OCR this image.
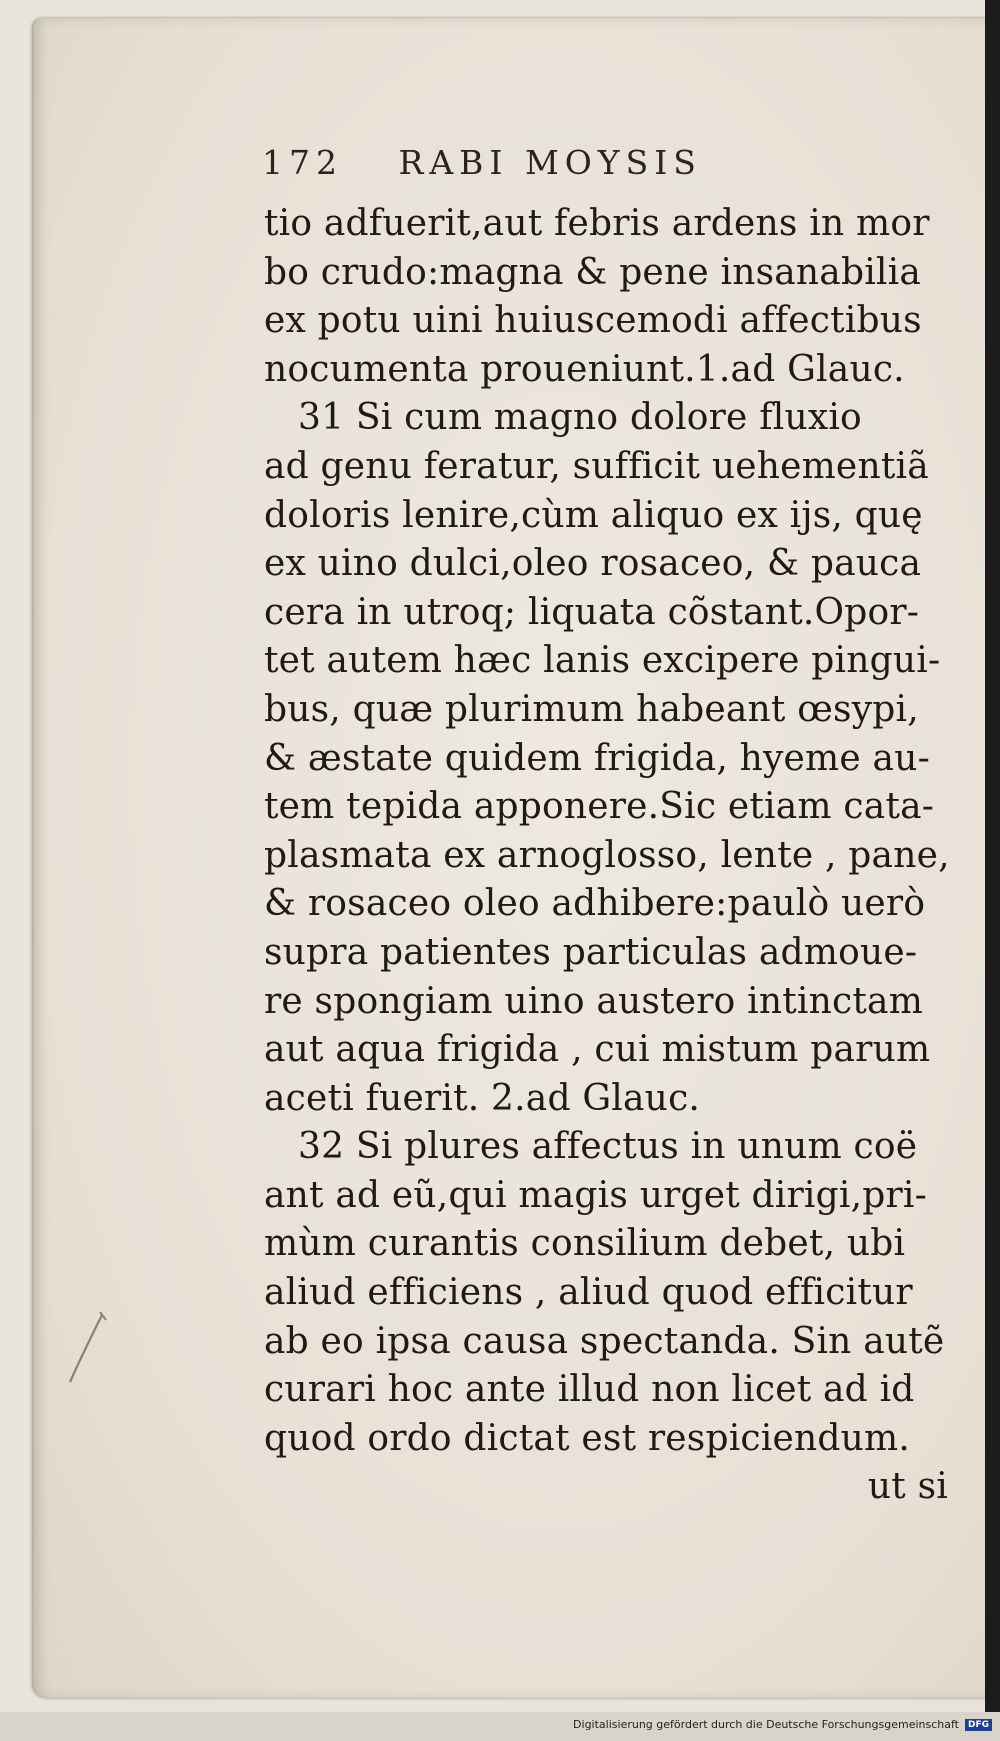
172 RABI MOYSIS
tio adfuerit,aut febris ardens in mor
bo crudo:magna & pene insanabilia
ex potu uini huiuscemodi affectibus
nocumenta proueniunt.1.ad Glauc.
31 Si cum magno dolore fluxio
ad genu feratur, sufficit uehementiã
doloris lenire,cùm aliquo ex ijs, quę
ex uino dulci,oleo rosaceo, & pauca
cera in utroq; liquata cõstant.Opor-
tet autem hæc lanis excipere pingui-
bus, quæ plurimum habeant œsypi,
& æstate quidem frigida, hyeme au-
tem tepida apponere.Sic etiam cata-
plasmata ex arnoglosso, lente , pane,
& rosaceo oleo adhibere:paulò uerò
supra patientes particulas admoue-
re spongiam uino austero intinctam
aut aqua frigida , cui mistum parum
aceti fuerit. 2.ad Glauc.
32 Si plures affectus in unum coë
ant ad eũ,qui magis urget dirigi,pri-
mùm curantis consilium debet, ubi
aliud efficiens , aliud quod efficitur
ab eo ipsa causa spectanda. Sin autẽ
curari hoc ante illud non licet ad id
quod ordo dictat est respiciendum.
ut si
Digitalisierung gefördert durch die Deutsche Forschungsgemeinschaft DFG
